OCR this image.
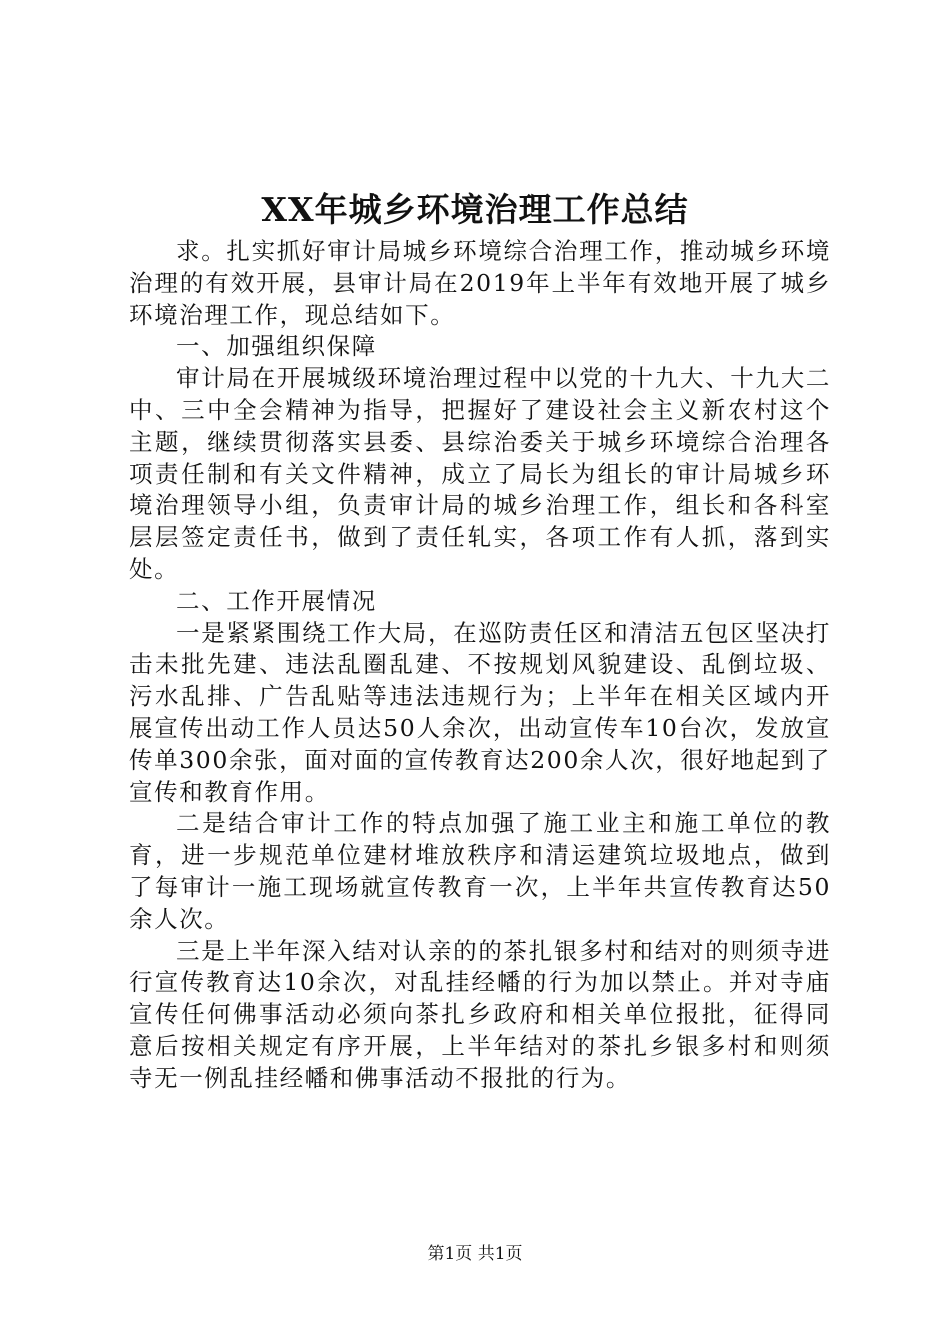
XX年城乡环境治理工作总结

求。扎实抓好审计局城乡环境综合治理工作，推动城乡环境治理的有效开展，县审计局在2019年上半年有效地开展了城乡环境治理工作，现总结如下。

一、加强组织保障

审计局在开展城级环境治理过程中以党的十九大、十九大二中、三中全会精神为指导，把握好了建设社会主义新农村这个主题，继续贯彻落实县委、县综治委关于城乡环境综合治理各项责任制和有关文件精神，成立了局长为组长的审计局城乡环境治理领导小组，负责审计局的城乡治理工作，组长和各科室层层签定责任书，做到了责任轧实，各项工作有人抓，落到实处。

二、工作开展情况

一是紧紧围绕工作大局，在巡防责任区和清洁五包区坚决打击未批先建、违法乱圈乱建、不按规划风貌建设、乱倒垃圾、污水乱排、广告乱贴等违法违规行为；上半年在相关区域内开展宣传出动工作人员达50人余次，出动宣传车10台次，发放宣传单300余张，面对面的宣传教育达200余人次，很好地起到了宣传和教育作用。

二是结合审计工作的特点加强了施工业主和施工单位的教育，进一步规范单位建材堆放秩序和清运建筑垃圾地点，做到了每审计一施工现场就宣传教育一次，上半年共宣传教育达50余人次。

三是上半年深入结对认亲的的茶扎银多村和结对的则须寺进行宣传教育达10余次，对乱挂经幡的行为加以禁止。并对寺庙宣传任何佛事活动必须向茶扎乡政府和相关单位报批，征得同意后按相关规定有序开展，上半年结对的茶扎乡银多村和则须寺无一例乱挂经幡和佛事活动不报批的行为。

第1页 共1页
